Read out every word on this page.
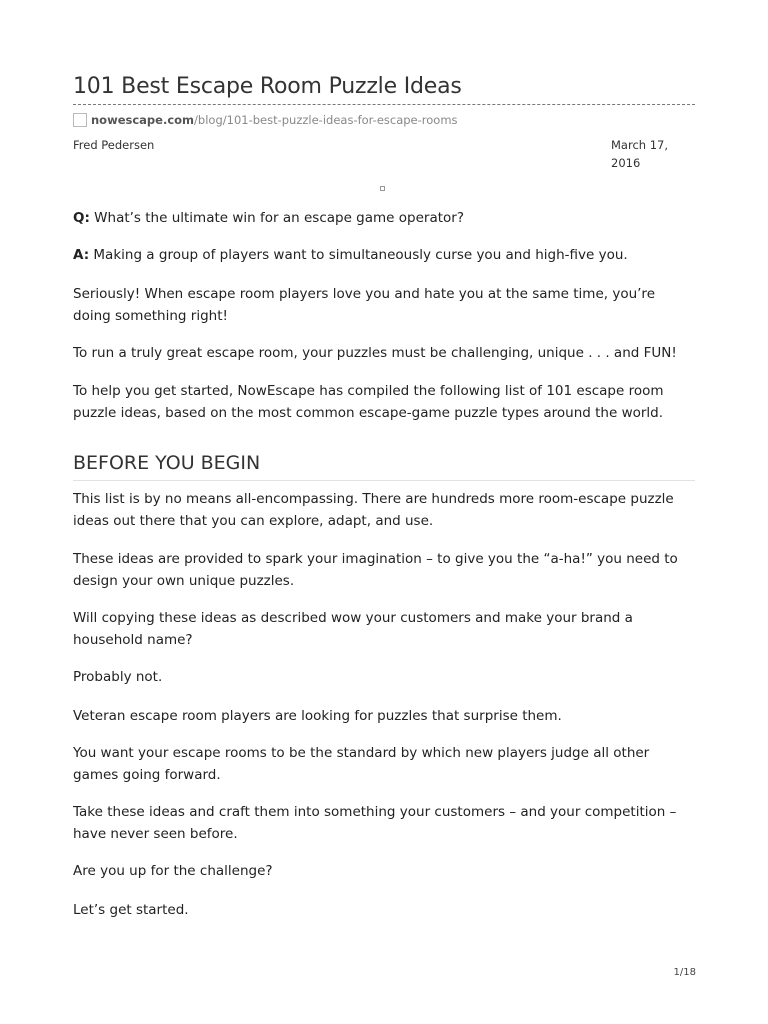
101 Best Escape Room Puzzle Ideas
nowescape.com/blog/101-best-puzzle-ideas-for-escape-rooms
Fred Pedersen	March 17, 2016

Q: What’s the ultimate win for an escape game operator?

A: Making a group of players want to simultaneously curse you and high-five you.

Seriously! When escape room players love you and hate you at the same time, you’re doing something right!

To run a truly great escape room, your puzzles must be challenging, unique . . . and FUN!

To help you get started, NowEscape has compiled the following list of 101 escape room puzzle ideas, based on the most common escape-game puzzle types around the world.

BEFORE YOU BEGIN

This list is by no means all-encompassing. There are hundreds more room-escape puzzle ideas out there that you can explore, adapt, and use.

These ideas are provided to spark your imagination – to give you the “a-ha!” you need to design your own unique puzzles.

Will copying these ideas as described wow your customers and make your brand a household name?

Probably not.

Veteran escape room players are looking for puzzles that surprise them.

You want your escape rooms to be the standard by which new players judge all other games going forward.

Take these ideas and craft them into something your customers – and your competition – have never seen before.

Are you up for the challenge?

Let’s get started.

1/18
